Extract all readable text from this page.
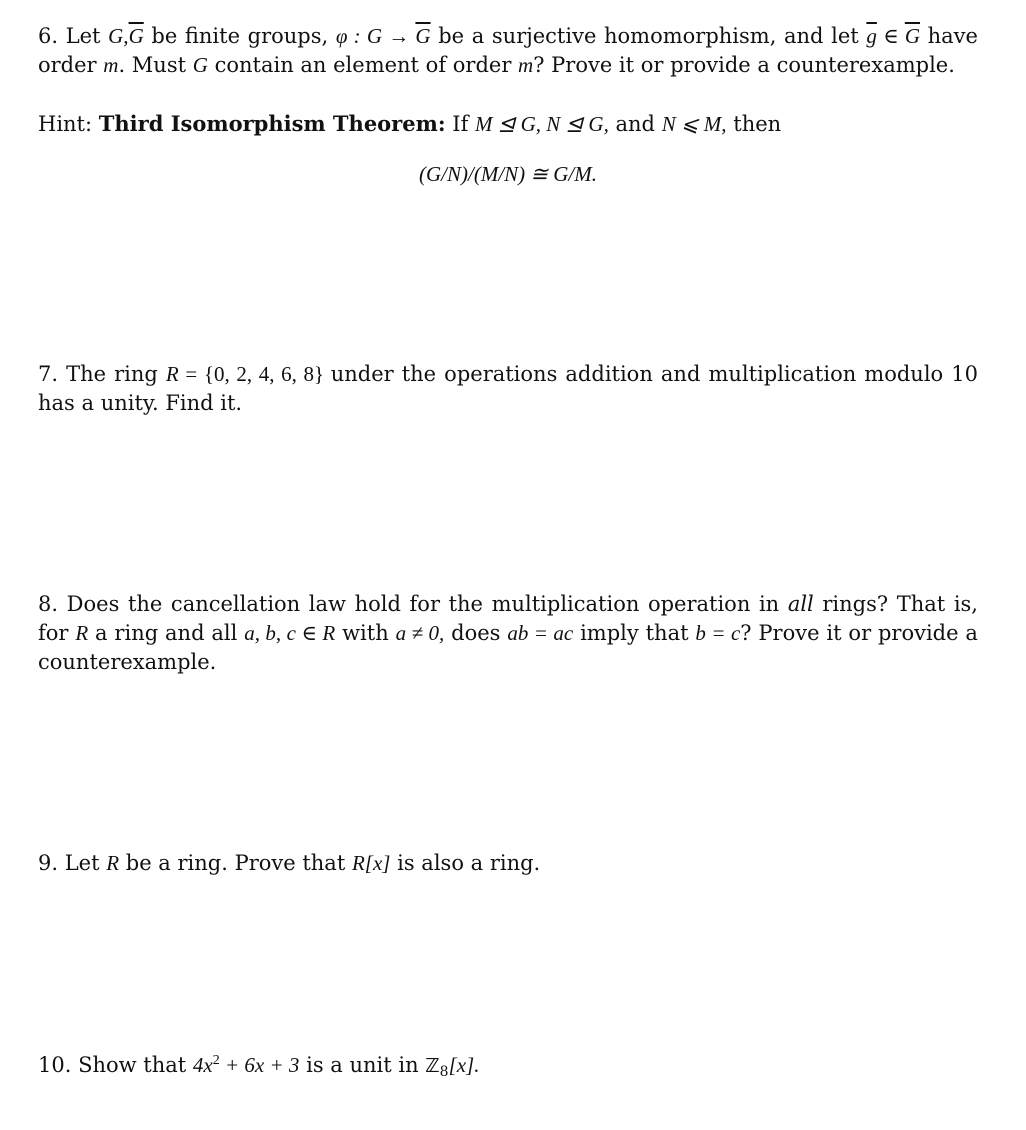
6. Let $G,\overline{G}$ be finite groups, φ : $G \to \overline{G}$ be a surjective homomorphism, and let $\overline{g}$ ∈ $\overline{G}$ have order m. Must G contain an element of order m? Prove it or provide a counterexample.

Hint: Third Isomorphism Theorem: If M ⊴ G, N ⊴ G, and N ⩽ M, then

(G/N)/(M/N) ≅ G/M.

7. The ring R = {0, 2, 4, 6, 8} under the operations addition and multiplication modulo 10 has a unity. Find it.

8. Does the cancellation law hold for the multiplication operation in all rings? That is, for R a ring and all a, b, c ∈ R with a ≠ 0, does ab = ac imply that b = c? Prove it or provide a counterexample.

9. Let R be a ring. Prove that R[x] is also a ring.

10. Show that $4x^2 + 6x + 3$ is a unit in ℤ$_8$[x].
